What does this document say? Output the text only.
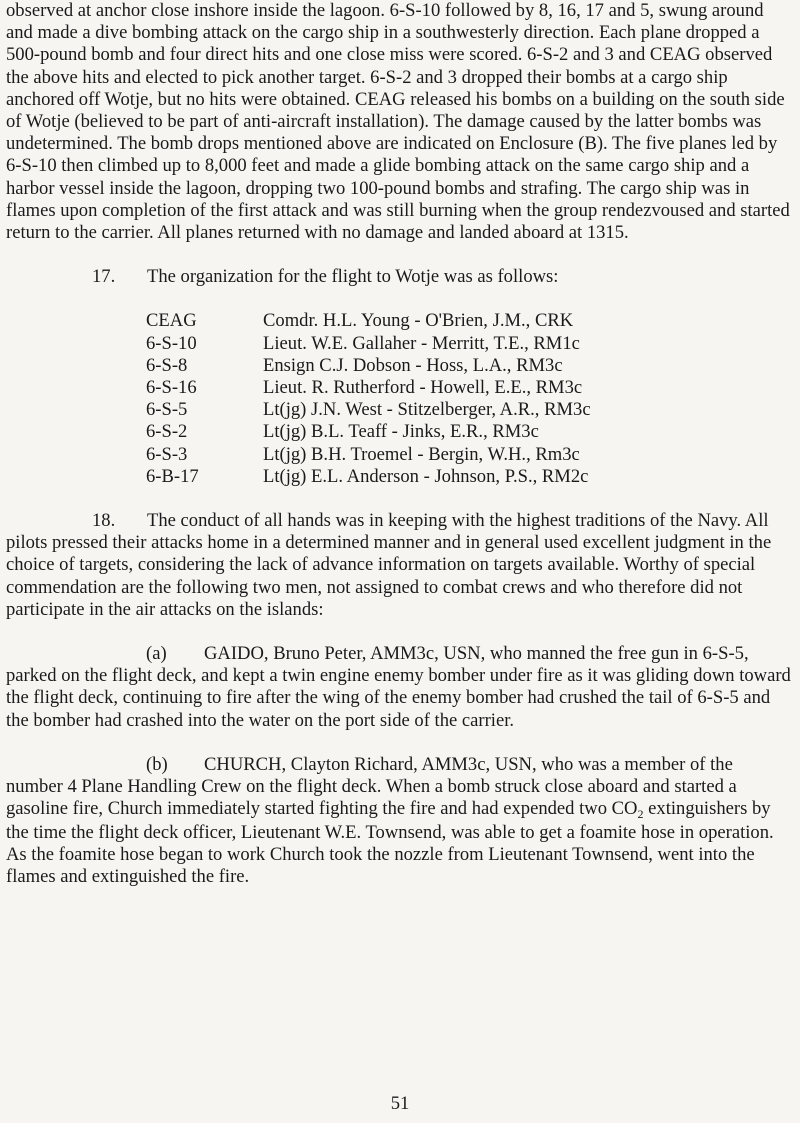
observed at anchor close inshore inside the lagoon. 6-S-10 followed by 8, 16, 17 and 5, swung around and made a dive bombing attack on the cargo ship in a southwesterly direction. Each plane dropped a 500-pound bomb and four direct hits and one close miss were scored. 6-S-2 and 3 and CEAG observed the above hits and elected to pick another target. 6-S-2 and 3 dropped their bombs at a cargo ship anchored off Wotje, but no hits were obtained. CEAG released his bombs on a building on the south side of Wotje (believed to be part of anti-aircraft installation). The damage caused by the latter bombs was undetermined. The bomb drops mentioned above are indicated on Enclosure (B). The five planes led by 6-S-10 then climbed up to 8,000 feet and made a glide bombing attack on the same cargo ship and a harbor vessel inside the lagoon, dropping two 100-pound bombs and strafing. The cargo ship was in flames upon completion of the first attack and was still burning when the group rendezvoused and started return to the carrier. All planes returned with no damage and landed aboard at 1315.

17. The organization for the flight to Wotje was as follows:

CEAG	Comdr. H.L. Young - O'Brien, J.M., CRK
6-S-10	Lieut. W.E. Gallaher - Merritt, T.E., RM1c
6-S-8	Ensign C.J. Dobson - Hoss, L.A., RM3c
6-S-16	Lieut. R. Rutherford - Howell, E.E., RM3c
6-S-5	Lt(jg) J.N. West - Stitzelberger, A.R., RM3c
6-S-2	Lt(jg) B.L. Teaff - Jinks, E.R., RM3c
6-S-3	Lt(jg) B.H. Troemel - Bergin, W.H., Rm3c
6-B-17	Lt(jg) E.L. Anderson - Johnson, P.S., RM2c

18. The conduct of all hands was in keeping with the highest traditions of the Navy. All pilots pressed their attacks home in a determined manner and in general used excellent judgment in the choice of targets, considering the lack of advance information on targets available. Worthy of special commendation are the following two men, not assigned to combat crews and who therefore did not participate in the air attacks on the islands:

(a) GAIDO, Bruno Peter, AMM3c, USN, who manned the free gun in 6-S-5, parked on the flight deck, and kept a twin engine enemy bomber under fire as it was gliding down toward the flight deck, continuing to fire after the wing of the enemy bomber had crushed the tail of 6-S-5 and the bomber had crashed into the water on the port side of the carrier.

(b) CHURCH, Clayton Richard, AMM3c, USN, who was a member of the number 4 Plane Handling Crew on the flight deck. When a bomb struck close aboard and started a gasoline fire, Church immediately started fighting the fire and had expended two $CO_2$ extinguishers by the time the flight deck officer, Lieutenant W.E. Townsend, was able to get a foamite hose in operation. As the foamite hose began to work Church took the nozzle from Lieutenant Townsend, went into the flames and extinguished the fire.

51
